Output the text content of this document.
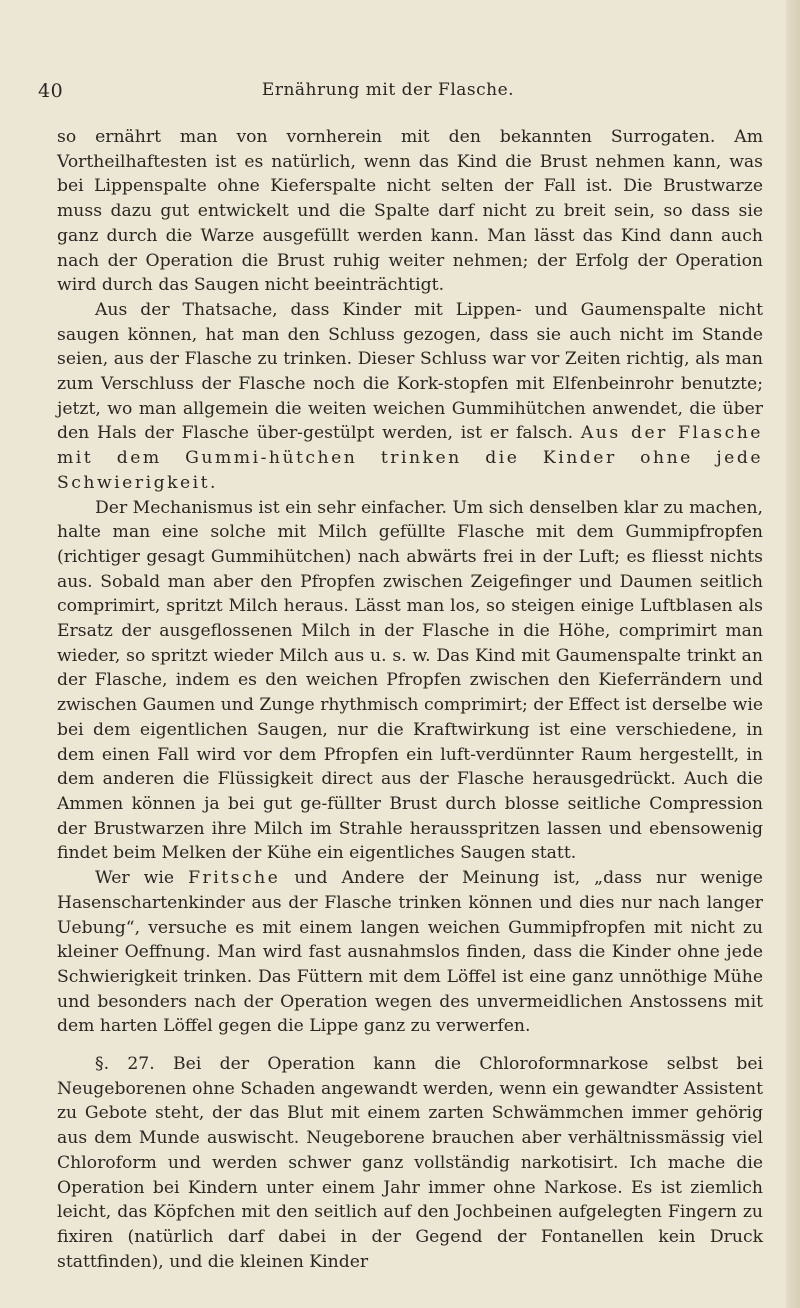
40	Ernährung mit der Flasche.

so ernährt man von vornherein mit den bekannten Surrogaten. Am Vortheilhaftesten ist es natürlich, wenn das Kind die Brust nehmen kann, was bei Lippenspalte ohne Kieferspalte nicht selten der Fall ist. Die Brustwarze muss dazu gut entwickelt und die Spalte darf nicht zu breit sein, so dass sie ganz durch die Warze ausgefüllt werden kann. Man lässt das Kind dann auch nach der Operation die Brust ruhig weiter nehmen; der Erfolg der Operation wird durch das Saugen nicht beeinträchtigt.

Aus der Thatsache, dass Kinder mit Lippen- und Gaumenspalte nicht saugen können, hat man den Schluss gezogen, dass sie auch nicht im Stande seien, aus der Flasche zu trinken. Dieser Schluss war vor Zeiten richtig, als man zum Verschluss der Flasche noch die Kork-stopfen mit Elfenbeinrohr benutzte; jetzt, wo man allgemein die weiten weichen Gummihütchen anwendet, die über den Hals der Flasche über-gestülpt werden, ist er falsch. Aus der Flasche mit dem Gummi-hütchen trinken die Kinder ohne jede Schwierigkeit.

Der Mechanismus ist ein sehr einfacher. Um sich denselben klar zu machen, halte man eine solche mit Milch gefüllte Flasche mit dem Gummipfropfen (richtiger gesagt Gummihütchen) nach abwärts frei in der Luft; es fliesst nichts aus. Sobald man aber den Pfropfen zwischen Zeigefinger und Daumen seitlich comprimirt, spritzt Milch heraus. Lässt man los, so steigen einige Luftblasen als Ersatz der ausgeflossenen Milch in der Flasche in die Höhe, comprimirt man wieder, so spritzt wieder Milch aus u. s. w. Das Kind mit Gaumenspalte trinkt an der Flasche, indem es den weichen Pfropfen zwischen den Kieferrändern und zwischen Gaumen und Zunge rhythmisch comprimirt; der Effect ist derselbe wie bei dem eigentlichen Saugen, nur die Kraftwirkung ist eine verschiedene, in dem einen Fall wird vor dem Pfropfen ein luft-verdünnter Raum hergestellt, in dem anderen die Flüssigkeit direct aus der Flasche herausgedrückt. Auch die Ammen können ja bei gut ge-füllter Brust durch blosse seitliche Compression der Brustwarzen ihre Milch im Strahle herausspritzen lassen und ebensowenig findet beim Melken der Kühe ein eigentliches Saugen statt.

Wer wie Fritsche und Andere der Meinung ist, „dass nur wenige Hasenschartenkinder aus der Flasche trinken können und dies nur nach langer Uebung“, versuche es mit einem langen weichen Gummipfropfen mit nicht zu kleiner Oeffnung. Man wird fast ausnahmslos finden, dass die Kinder ohne jede Schwierigkeit trinken. Das Füttern mit dem Löffel ist eine ganz unnöthige Mühe und besonders nach der Operation wegen des unvermeidlichen Anstossens mit dem harten Löffel gegen die Lippe ganz zu verwerfen.

§. 27. Bei der Operation kann die Chloroformnarkose selbst bei Neugeborenen ohne Schaden angewandt werden, wenn ein gewandter Assistent zu Gebote steht, der das Blut mit einem zarten Schwämmchen immer gehörig aus dem Munde auswischt. Neugeborene brauchen aber verhältnissmässig viel Chloroform und werden schwer ganz vollständig narkotisirt. Ich mache die Operation bei Kindern unter einem Jahr immer ohne Narkose. Es ist ziemlich leicht, das Köpfchen mit den seitlich auf den Jochbeinen aufgelegten Fingern zu fixiren (natürlich darf dabei in der Gegend der Fontanellen kein Druck stattfinden), und die kleinen Kinder
